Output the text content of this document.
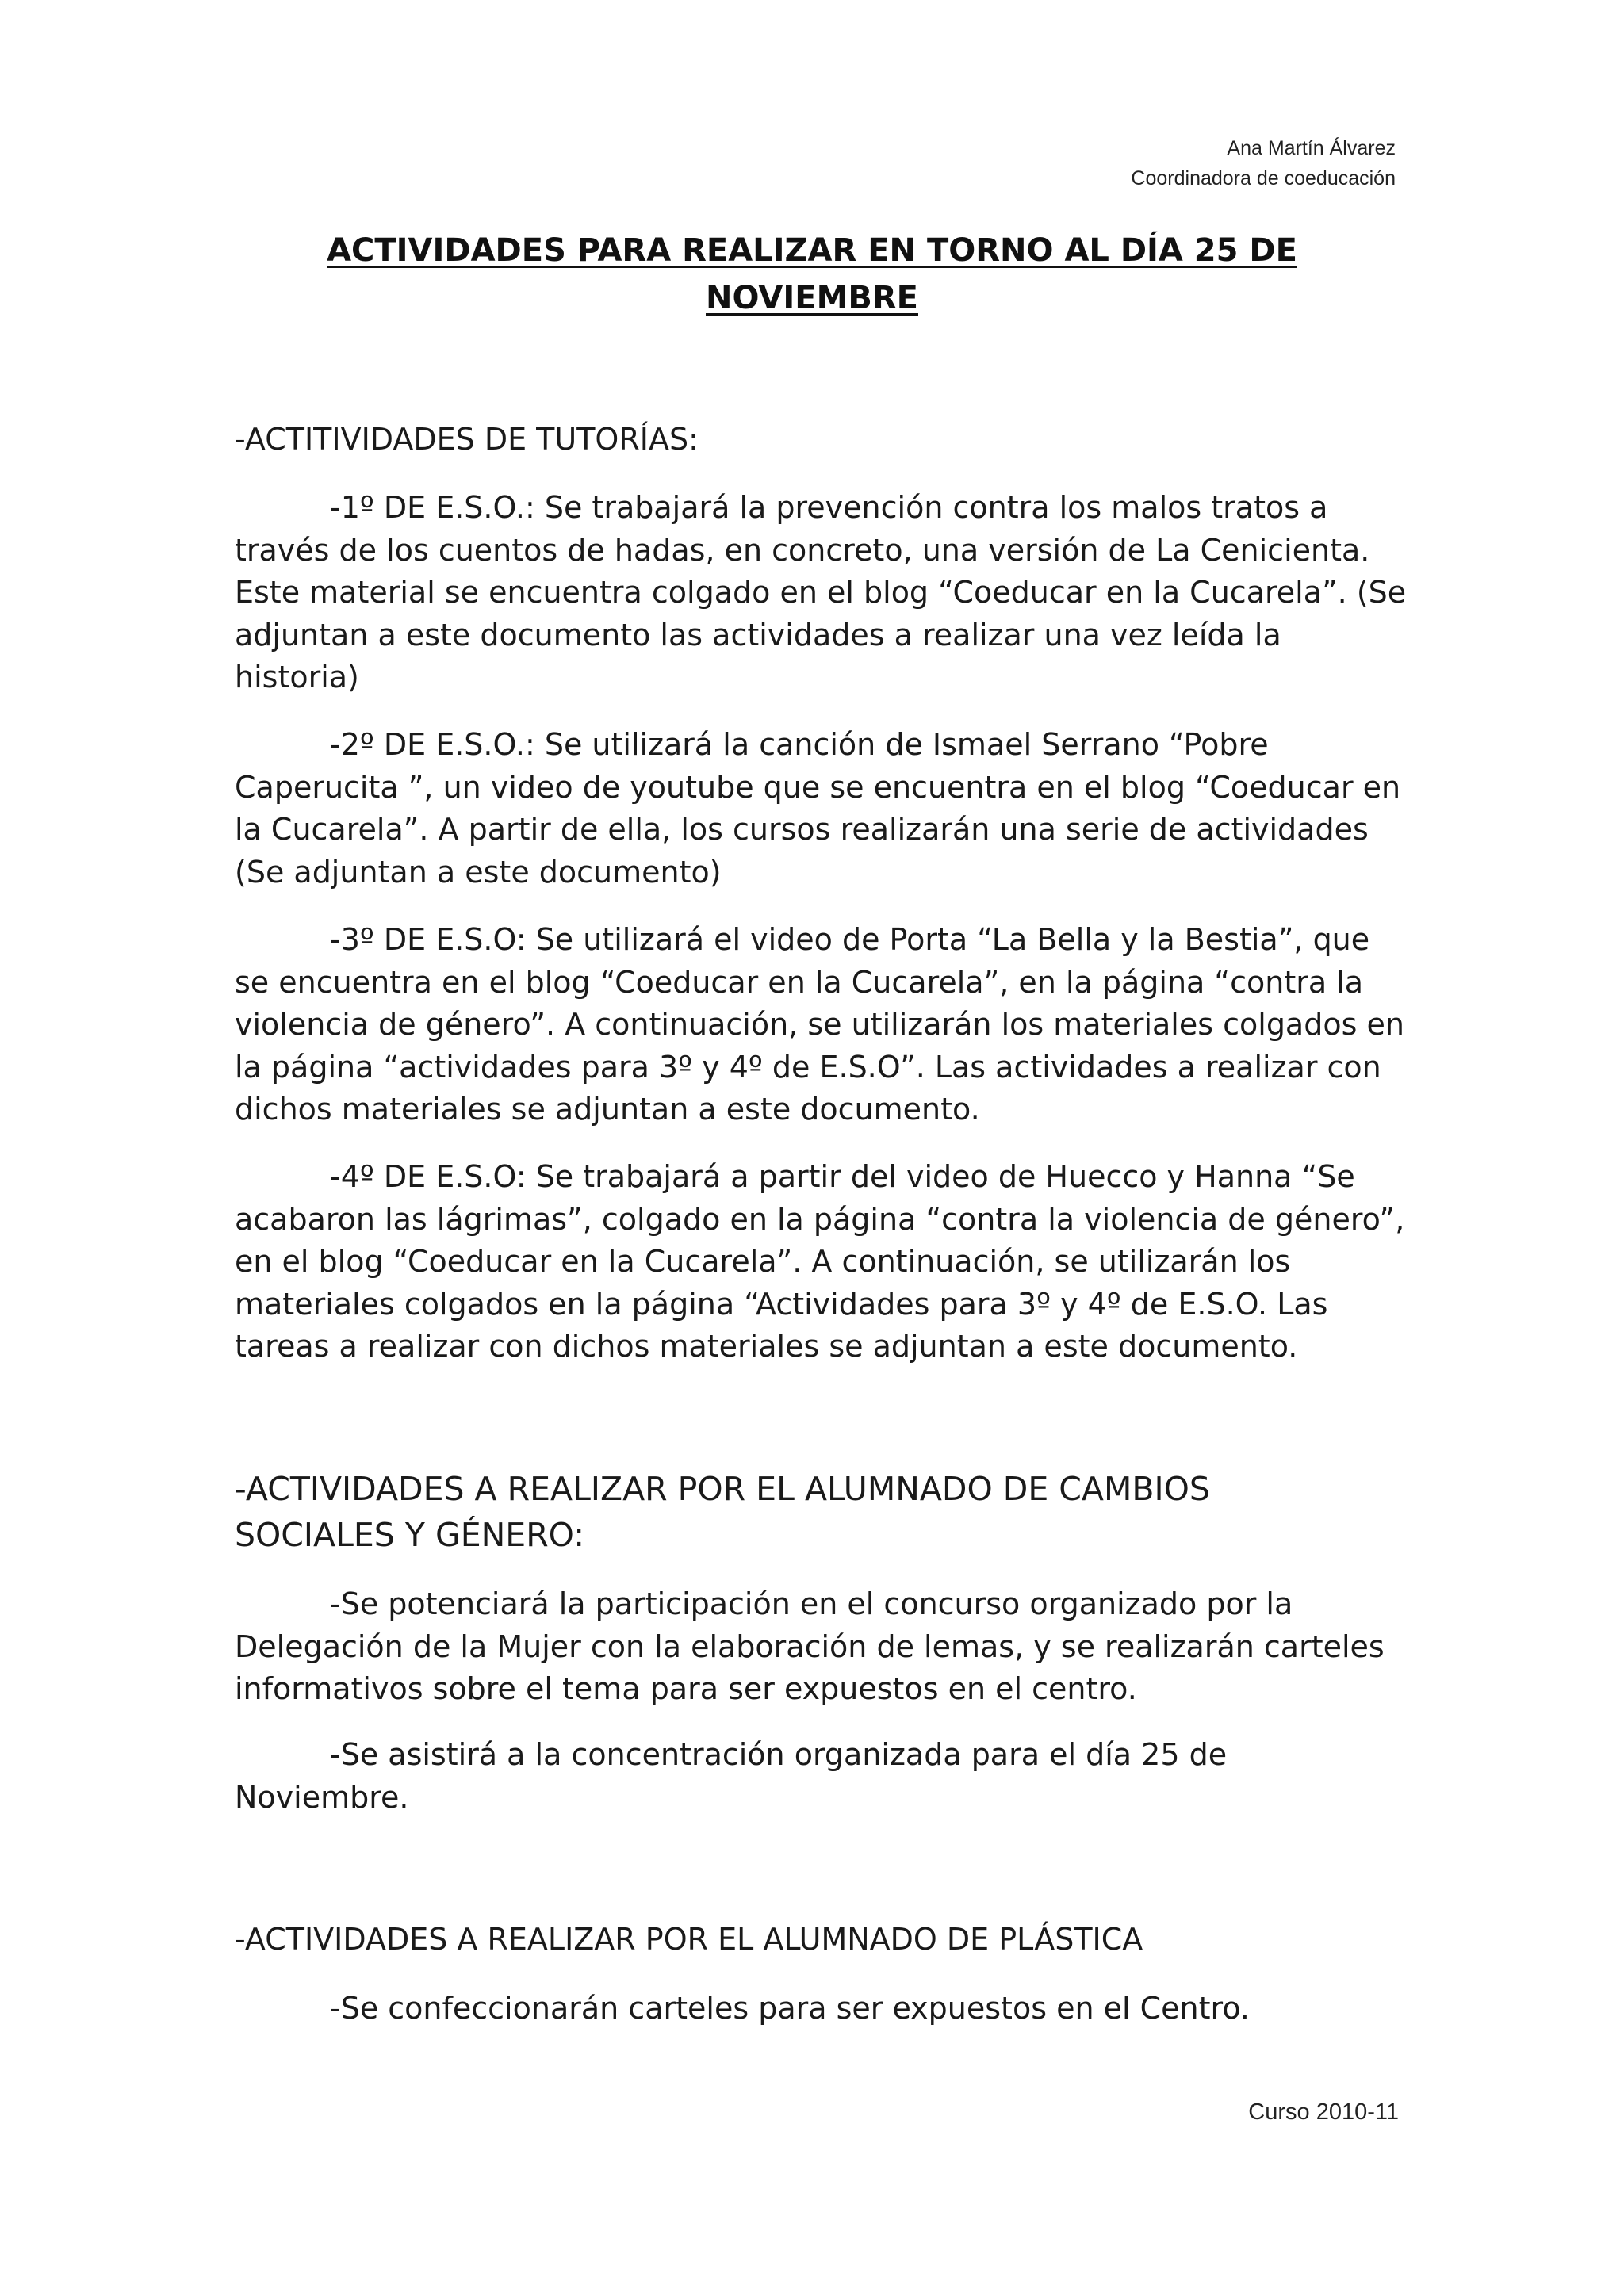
Ana Martín Álvarez
Coordinadora de coeducación
ACTIVIDADES PARA REALIZAR EN TORNO AL DÍA 25 DE
NOVIEMBRE

-ACTITIVIDADES DE TUTORÍAS:

-1º DE E.S.O.: Se trabajará la prevención contra los malos tratos a través de los cuentos de hadas, en concreto, una versión de La Cenicienta. Este material se encuentra colgado en el blog “Coeducar en la Cucarela”. (Se adjuntan a este documento las actividades a realizar una vez leída la historia)

-2º DE E.S.O.: Se utilizará la canción de Ismael Serrano “Pobre Caperucita ”, un video de youtube que se encuentra en el blog “Coeducar en la Cucarela”. A partir de ella, los cursos realizarán una serie de actividades (Se adjuntan a este documento)

-3º DE E.S.O: Se utilizará el video de Porta “La Bella y la Bestia”, que se encuentra en el blog “Coeducar en la Cucarela”, en la página “contra la violencia de género”. A continuación, se utilizarán los materiales colgados en la página “actividades para 3º y 4º de E.S.O”. Las actividades a realizar con dichos materiales se adjuntan a este documento.

-4º DE E.S.O: Se trabajará a partir del video de Huecco y Hanna “Se acabaron las lágrimas”, colgado en la página “contra la violencia de género”, en el blog “Coeducar en la Cucarela”. A continuación, se utilizarán los materiales colgados en la página “Actividades para 3º y 4º de E.S.O. Las tareas a realizar con dichos materiales se adjuntan a este documento.

-ACTIVIDADES A REALIZAR POR EL ALUMNADO DE CAMBIOS SOCIALES Y GÉNERO:

-Se potenciará la participación en el concurso organizado por la Delegación de la Mujer con la elaboración de lemas, y se realizarán carteles informativos sobre el tema para ser expuestos en el centro.

-Se asistirá a la concentración organizada para el día 25 de Noviembre.

-ACTIVIDADES A REALIZAR POR EL ALUMNADO DE PLÁSTICA

-Se confeccionarán carteles para ser expuestos en el Centro.

Curso 2010-11
